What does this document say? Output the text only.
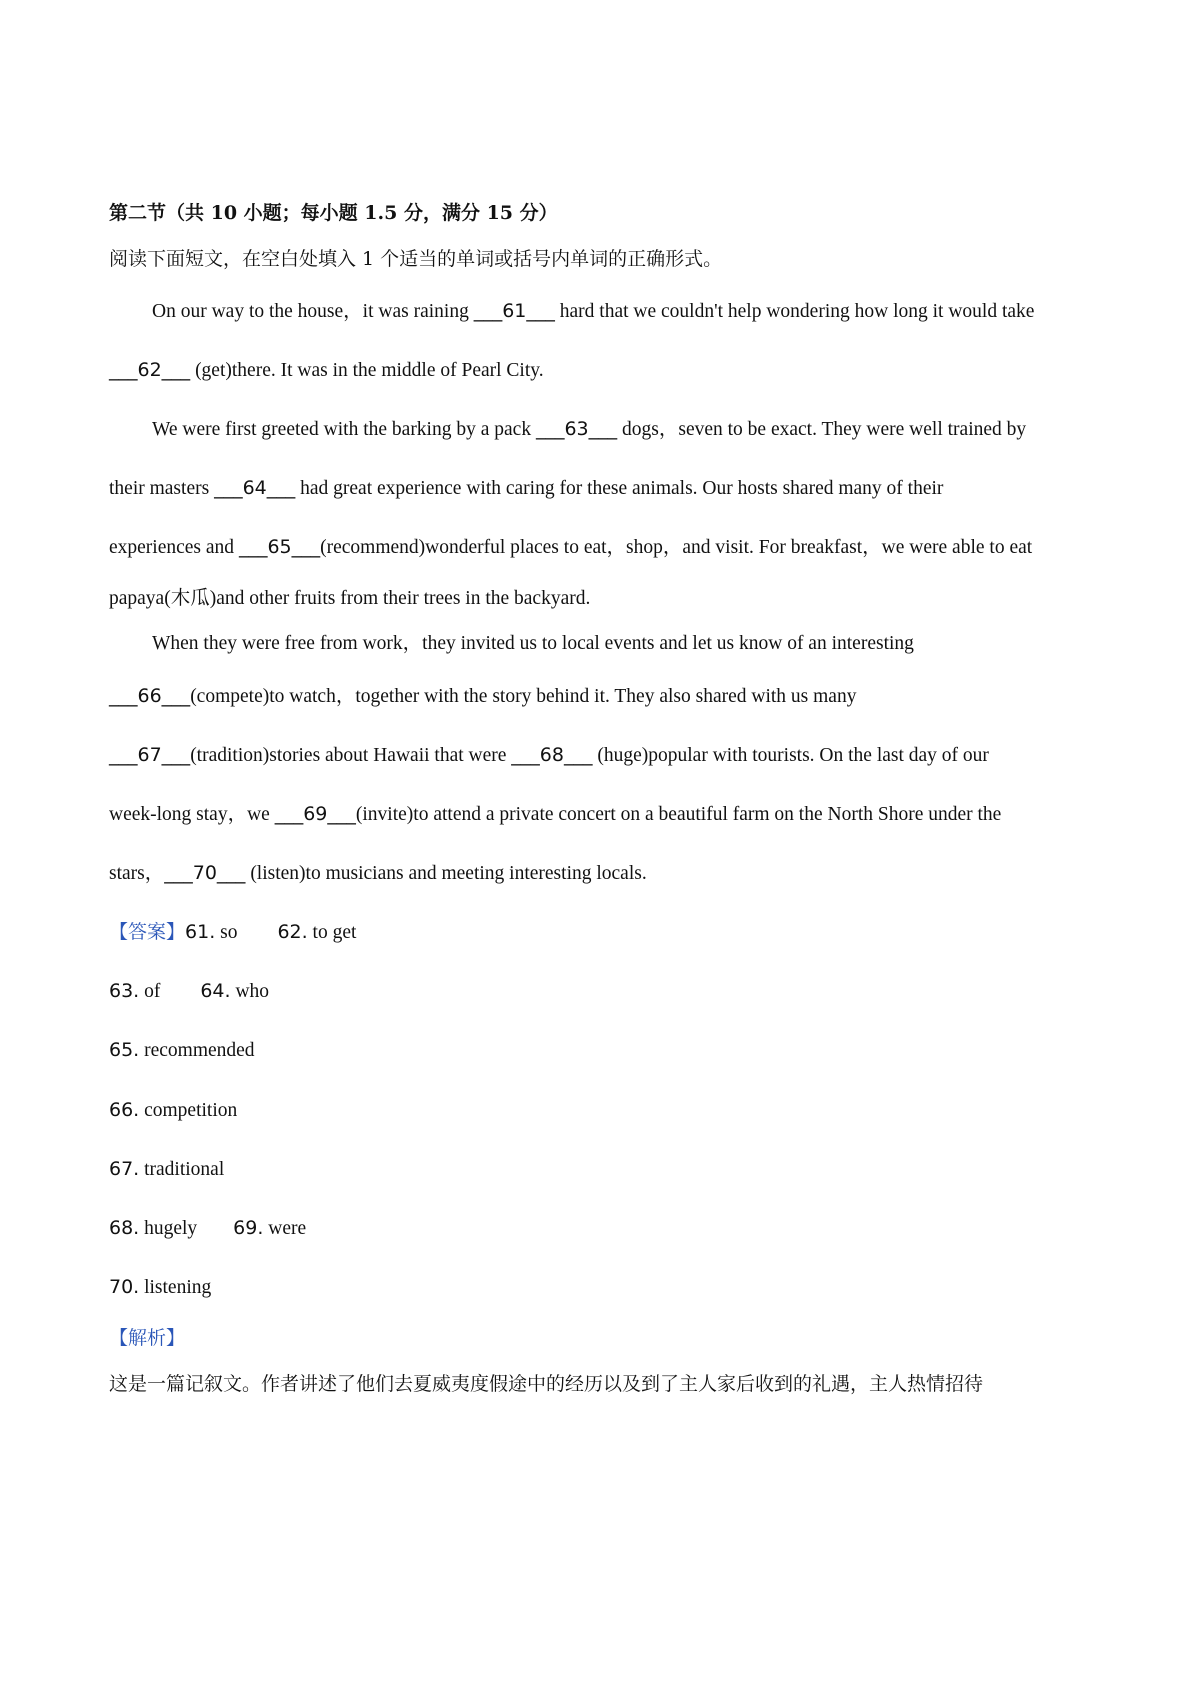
第二节（共 10 小题；每小题 1.5 分，满分 15 分）
阅读下面短文，在空白处填入 1 个适当的单词或括号内单词的正确形式。
On our way to the house，it was raining ___61___ hard that we couldn't help wondering how long it would take
___62___ (get)there. It was in the middle of Pearl City.
We were first greeted with the barking by a pack ___63___ dogs，seven to be exact. They were well trained by
their masters ___64___ had great experience with caring for these animals. Our hosts shared many of their
experiences and ___65___(recommend)wonderful places to eat，shop，and visit. For breakfast，we were able to eat
papaya(木瓜)and other fruits from their trees in the backyard.
When they were free from work，they invited us to local events and let us know of an interesting
___66___(compete)to watch，together with the story behind it. They also shared with us many
___67___(tradition)stories about Hawaii that were ___68___ (huge)popular with tourists. On the last day of our
week-long stay，we ___69___(invite)to attend a private concert on a beautiful farm on the North Shore under the
stars，___70___ (listen)to musicians and meeting interesting locals.
【答案】61. so 62. to get
63. of 64. who
65. recommended
66. competition
67. traditional
68. hugely 69. were
70. listening
【解析】
这是一篇记叙文。作者讲述了他们去夏威夷度假途中的经历以及到了主人家后收到的礼遇，主人热情招待
